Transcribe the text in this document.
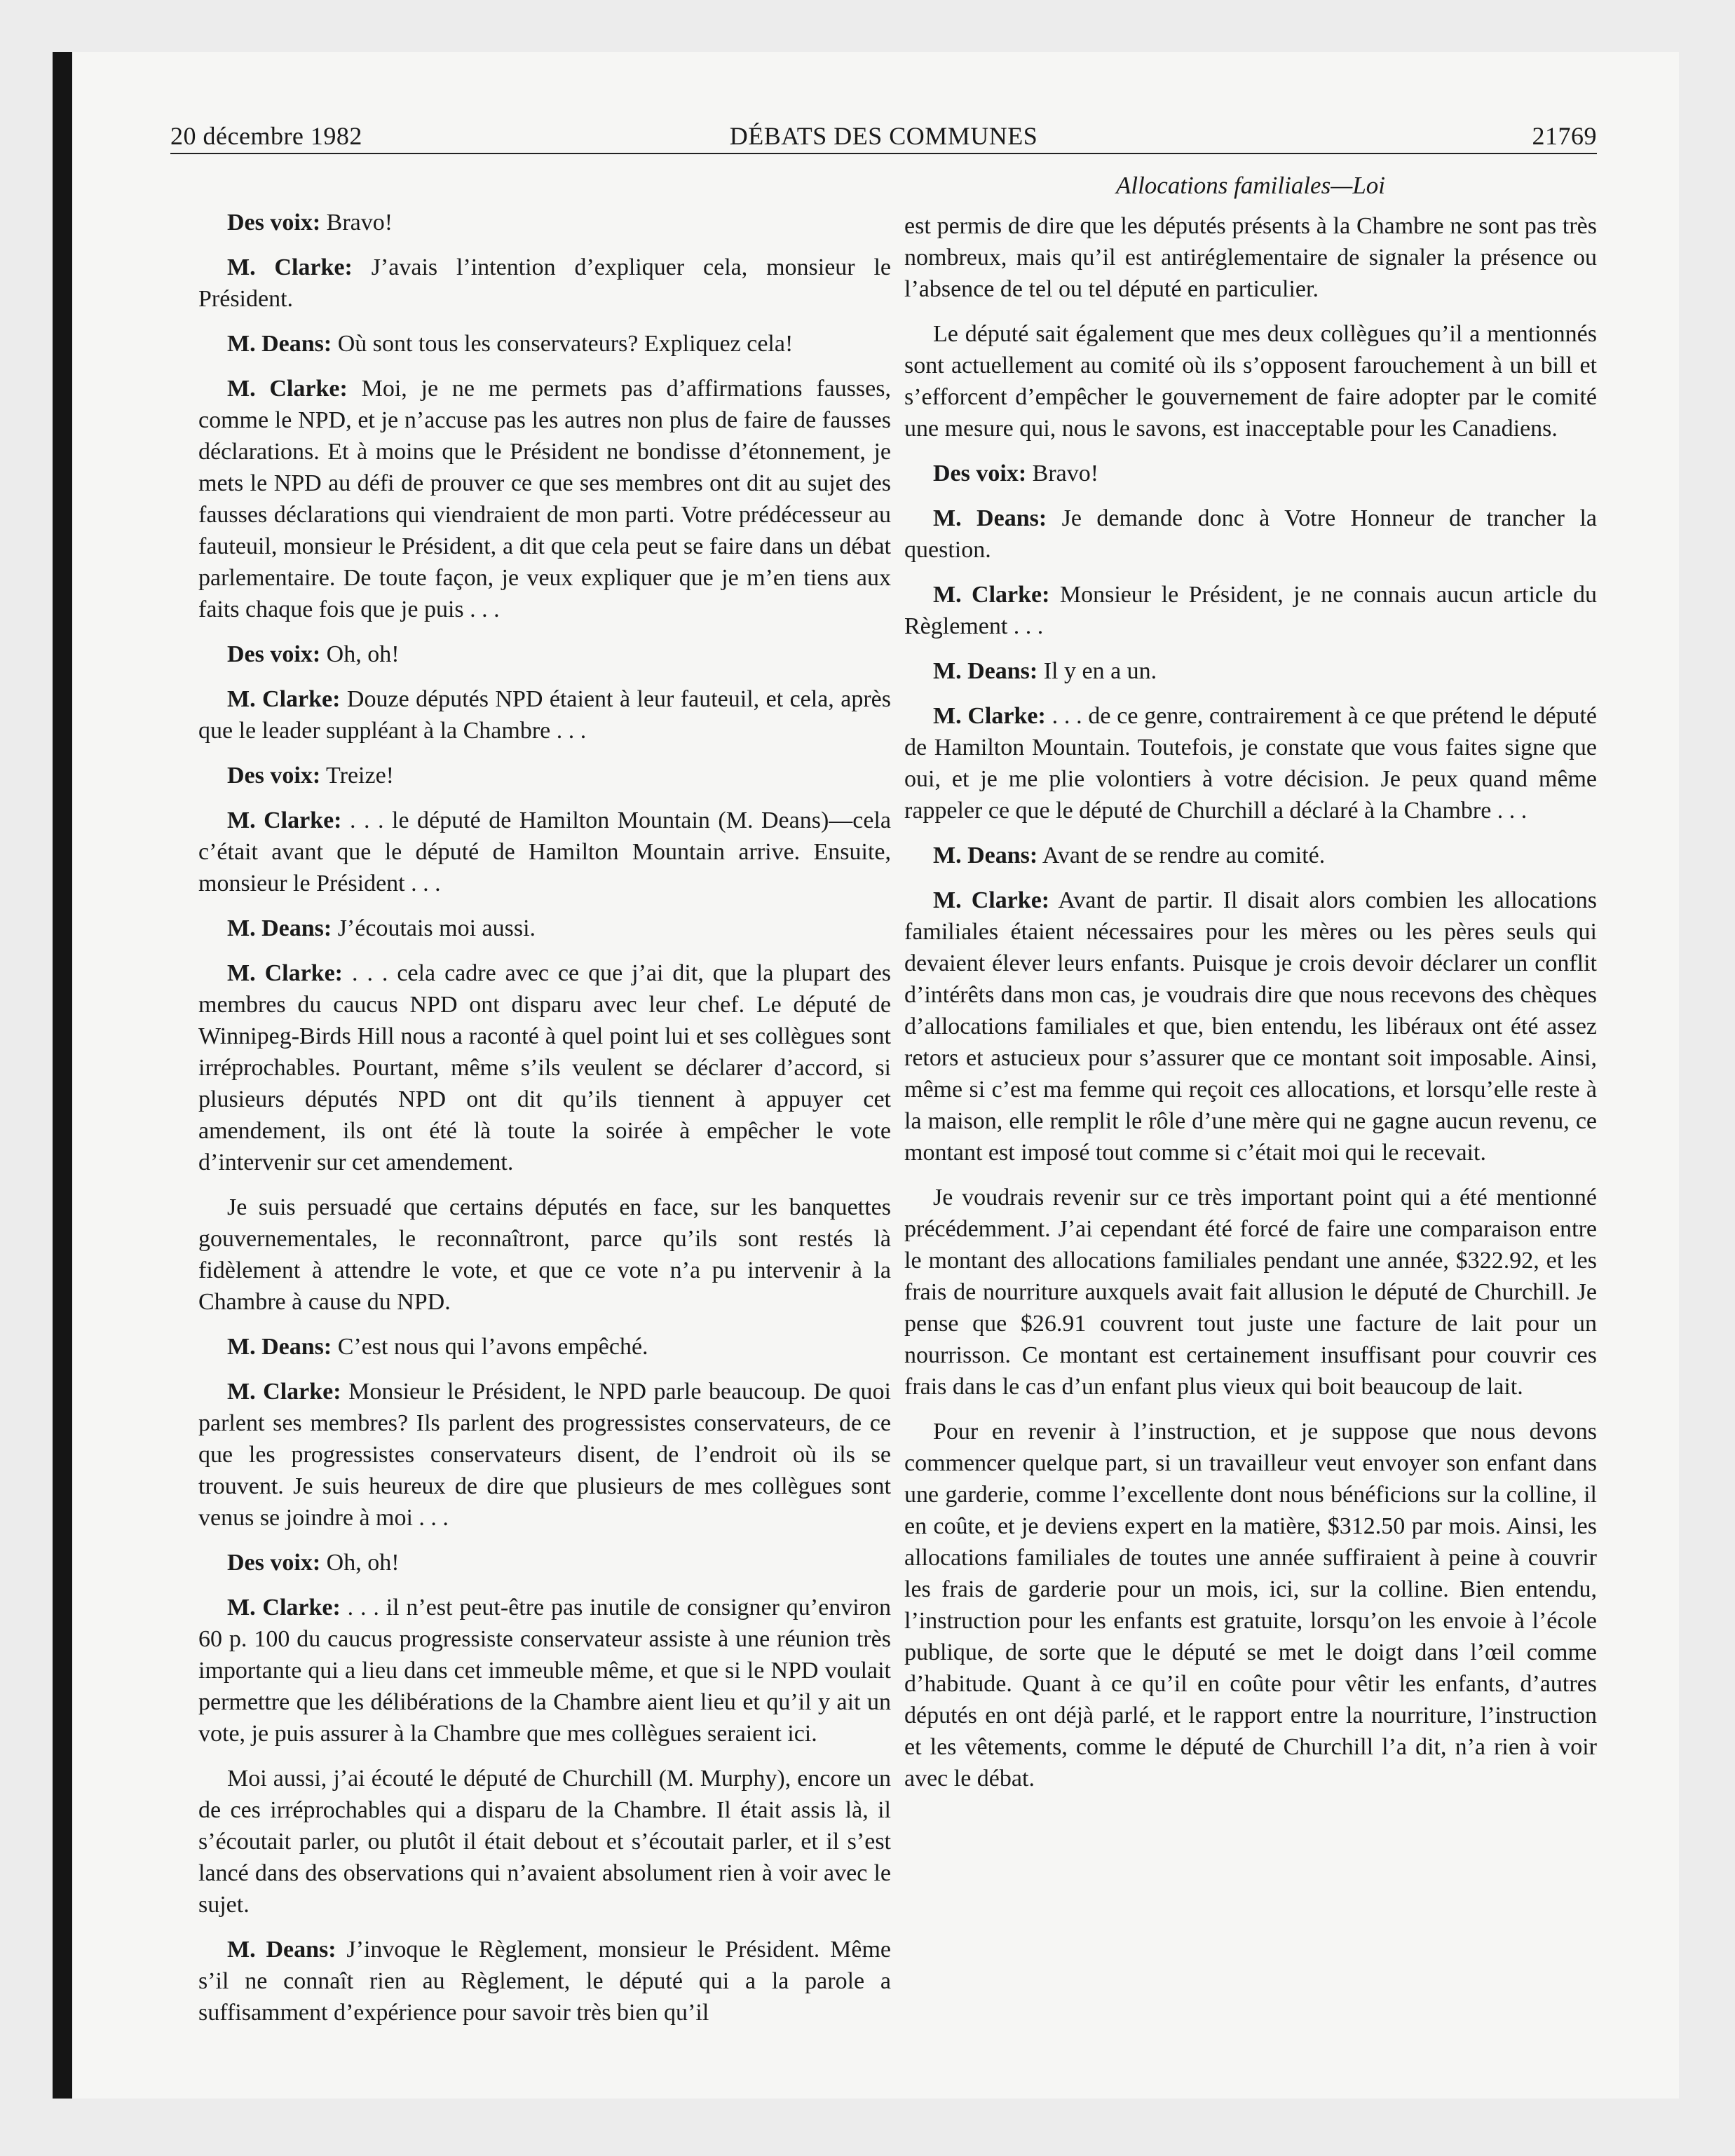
20 décembre 1982	DÉBATS DES COMMUNES	21769
Allocations familiales—Loi

Des voix: Bravo!

M. Clarke: J’avais l’intention d’expliquer cela, monsieur le Président.

M. Deans: Où sont tous les conservateurs? Expliquez cela!

M. Clarke: Moi, je ne me permets pas d’affirmations fausses, comme le NPD, et je n’accuse pas les autres non plus de faire de fausses déclarations. Et à moins que le Président ne bondisse d’étonnement, je mets le NPD au défi de prouver ce que ses membres ont dit au sujet des fausses déclarations qui viendraient de mon parti. Votre prédécesseur au fauteuil, monsieur le Président, a dit que cela peut se faire dans un débat parlementaire. De toute façon, je veux expliquer que je m’en tiens aux faits chaque fois que je puis . . .

Des voix: Oh, oh!

M. Clarke: Douze députés NPD étaient à leur fauteuil, et cela, après que le leader suppléant à la Chambre . . .

Des voix: Treize!

M. Clarke: . . . le député de Hamilton Mountain (M. Deans)—cela c’était avant que le député de Hamilton Mountain arrive. Ensuite, monsieur le Président . . .

M. Deans: J’écoutais moi aussi.

M. Clarke: . . . cela cadre avec ce que j’ai dit, que la plupart des membres du caucus NPD ont disparu avec leur chef. Le député de Winnipeg-Birds Hill nous a raconté à quel point lui et ses collègues sont irréprochables. Pourtant, même s’ils veulent se déclarer d’accord, si plusieurs députés NPD ont dit qu’ils tiennent à appuyer cet amendement, ils ont été là toute la soirée à empêcher le vote d’intervenir sur cet amendement.

Je suis persuadé que certains députés en face, sur les banquettes gouvernementales, le reconnaîtront, parce qu’ils sont restés là fidèlement à attendre le vote, et que ce vote n’a pu intervenir à la Chambre à cause du NPD.

M. Deans: C’est nous qui l’avons empêché.

M. Clarke: Monsieur le Président, le NPD parle beaucoup. De quoi parlent ses membres? Ils parlent des progressistes conservateurs, de ce que les progressistes conservateurs disent, de l’endroit où ils se trouvent. Je suis heureux de dire que plusieurs de mes collègues sont venus se joindre à moi . . .

Des voix: Oh, oh!

M. Clarke: . . . il n’est peut-être pas inutile de consigner qu’environ 60 p. 100 du caucus progressiste conservateur assiste à une réunion très importante qui a lieu dans cet immeuble même, et que si le NPD voulait permettre que les délibérations de la Chambre aient lieu et qu’il y ait un vote, je puis assurer à la Chambre que mes collègues seraient ici.

Moi aussi, j’ai écouté le député de Churchill (M. Murphy), encore un de ces irréprochables qui a disparu de la Chambre. Il était assis là, il s’écoutait parler, ou plutôt il était debout et s’écoutait parler, et il s’est lancé dans des observations qui n’avaient absolument rien à voir avec le sujet.

M. Deans: J’invoque le Règlement, monsieur le Président. Même s’il ne connaît rien au Règlement, le député qui a la parole a suffisamment d’expérience pour savoir très bien qu’il

est permis de dire que les députés présents à la Chambre ne sont pas très nombreux, mais qu’il est antiréglementaire de signaler la présence ou l’absence de tel ou tel député en particulier.

Le député sait également que mes deux collègues qu’il a mentionnés sont actuellement au comité où ils s’opposent farouchement à un bill et s’efforcent d’empêcher le gouvernement de faire adopter par le comité une mesure qui, nous le savons, est inacceptable pour les Canadiens.

Des voix: Bravo!

M. Deans: Je demande donc à Votre Honneur de trancher la question.

M. Clarke: Monsieur le Président, je ne connais aucun article du Règlement . . .

M. Deans: Il y en a un.

M. Clarke: . . . de ce genre, contrairement à ce que prétend le député de Hamilton Mountain. Toutefois, je constate que vous faites signe que oui, et je me plie volontiers à votre décision. Je peux quand même rappeler ce que le député de Churchill a déclaré à la Chambre . . .

M. Deans: Avant de se rendre au comité.

M. Clarke: Avant de partir. Il disait alors combien les allocations familiales étaient nécessaires pour les mères ou les pères seuls qui devaient élever leurs enfants. Puisque je crois devoir déclarer un conflit d’intérêts dans mon cas, je voudrais dire que nous recevons des chèques d’allocations familiales et que, bien entendu, les libéraux ont été assez retors et astucieux pour s’assurer que ce montant soit imposable. Ainsi, même si c’est ma femme qui reçoit ces allocations, et lorsqu’elle reste à la maison, elle remplit le rôle d’une mère qui ne gagne aucun revenu, ce montant est imposé tout comme si c’était moi qui le recevait.

Je voudrais revenir sur ce très important point qui a été mentionné précédemment. J’ai cependant été forcé de faire une comparaison entre le montant des allocations familiales pendant une année, $322.92, et les frais de nourriture auxquels avait fait allusion le député de Churchill. Je pense que $26.91 couvrent tout juste une facture de lait pour un nourrisson. Ce montant est certainement insuffisant pour couvrir ces frais dans le cas d’un enfant plus vieux qui boit beaucoup de lait.

Pour en revenir à l’instruction, et je suppose que nous devons commencer quelque part, si un travailleur veut envoyer son enfant dans une garderie, comme l’excellente dont nous bénéficions sur la colline, il en coûte, et je deviens expert en la matière, $312.50 par mois. Ainsi, les allocations familiales de toutes une année suffiraient à peine à couvrir les frais de garderie pour un mois, ici, sur la colline. Bien entendu, l’instruction pour les enfants est gratuite, lorsqu’on les envoie à l’école publique, de sorte que le député se met le doigt dans l’œil comme d’habitude. Quant à ce qu’il en coûte pour vêtir les enfants, d’autres députés en ont déjà parlé, et le rapport entre la nourriture, l’instruction et les vêtements, comme le député de Churchill l’a dit, n’a rien à voir avec le débat.
